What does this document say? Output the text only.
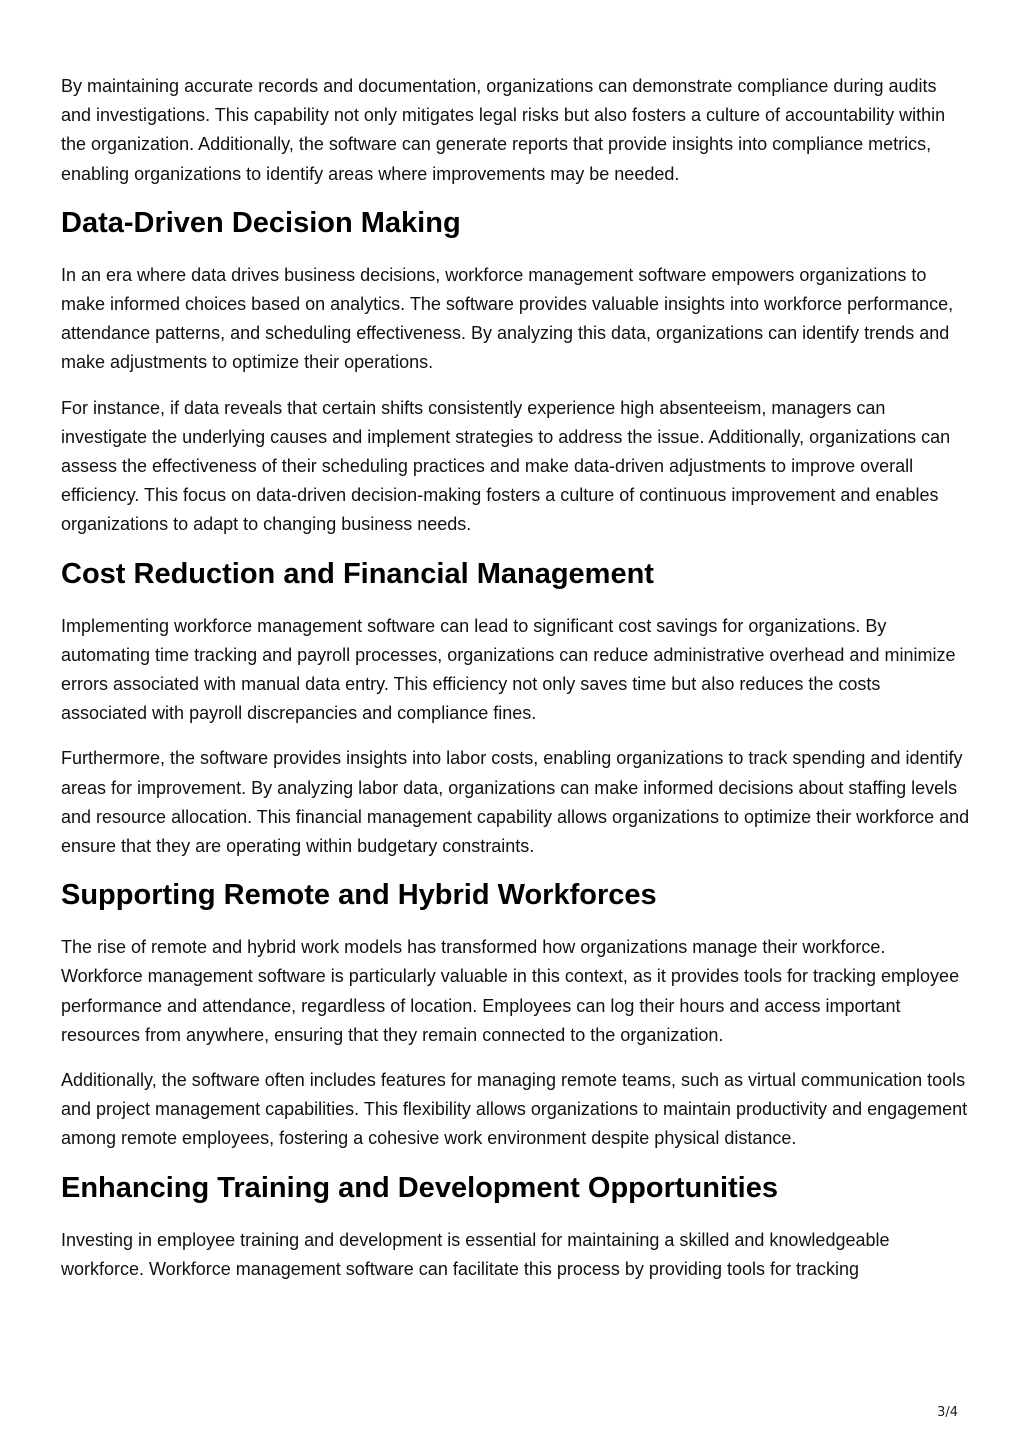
By maintaining accurate records and documentation, organizations can demonstrate compliance during audits and investigations. This capability not only mitigates legal risks but also fosters a culture of accountability within the organization. Additionally, the software can generate reports that provide insights into compliance metrics, enabling organizations to identify areas where improvements may be needed.

Data-Driven Decision Making

In an era where data drives business decisions, workforce management software empowers organizations to make informed choices based on analytics. The software provides valuable insights into workforce performance, attendance patterns, and scheduling effectiveness. By analyzing this data, organizations can identify trends and make adjustments to optimize their operations.

For instance, if data reveals that certain shifts consistently experience high absenteeism, managers can investigate the underlying causes and implement strategies to address the issue. Additionally, organizations can assess the effectiveness of their scheduling practices and make data-driven adjustments to improve overall efficiency. This focus on data-driven decision-making fosters a culture of continuous improvement and enables organizations to adapt to changing business needs.

Cost Reduction and Financial Management

Implementing workforce management software can lead to significant cost savings for organizations. By automating time tracking and payroll processes, organizations can reduce administrative overhead and minimize errors associated with manual data entry. This efficiency not only saves time but also reduces the costs associated with payroll discrepancies and compliance fines.

Furthermore, the software provides insights into labor costs, enabling organizations to track spending and identify areas for improvement. By analyzing labor data, organizations can make informed decisions about staffing levels and resource allocation. This financial management capability allows organizations to optimize their workforce and ensure that they are operating within budgetary constraints.

Supporting Remote and Hybrid Workforces

The rise of remote and hybrid work models has transformed how organizations manage their workforce. Workforce management software is particularly valuable in this context, as it provides tools for tracking employee performance and attendance, regardless of location. Employees can log their hours and access important resources from anywhere, ensuring that they remain connected to the organization.

Additionally, the software often includes features for managing remote teams, such as virtual communication tools and project management capabilities. This flexibility allows organizations to maintain productivity and engagement among remote employees, fostering a cohesive work environment despite physical distance.

Enhancing Training and Development Opportunities

Investing in employee training and development is essential for maintaining a skilled and knowledgeable workforce. Workforce management software can facilitate this process by providing tools for tracking

3/4
